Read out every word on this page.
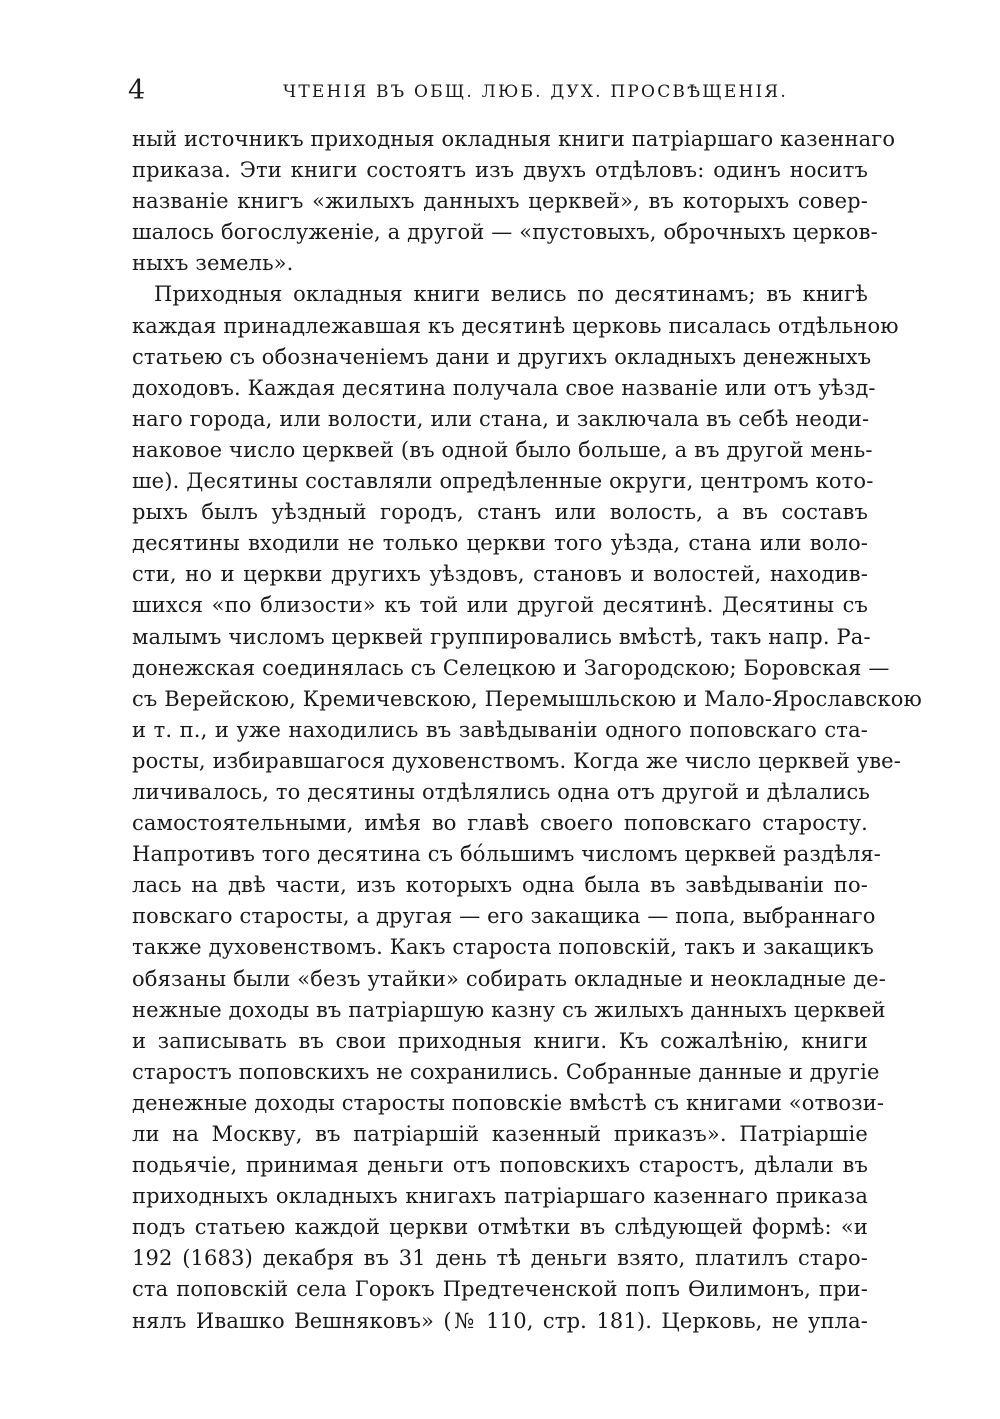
4	ЧТЕНІЯ ВЪ ОБЩ. ЛЮБ. ДУХ. ПРОСВѢЩЕНІЯ.
ный источникъ приходныя окладныя книги патріаршаго казеннаго
приказа. Эти книги состоятъ изъ двухъ отдѣловъ: одинъ носитъ
названіе книгъ «жилыхъ данныхъ церквей», въ которыхъ совер-
шалось богослуженіе, а другой — «пустовыхъ, оброчныхъ церков-
ныхъ земель».
Приходныя окладныя книги велись по десятинамъ; въ книгѣ
каждая принадлежавшая къ десятинѣ церковь писалась отдѣльною
статьею съ обозначеніемъ дани и другихъ окладныхъ денежныхъ
доходовъ. Каждая десятина получала свое названіе или отъ уѣзд-
наго города, или волости, или стана, и заключала въ себѣ неоди-
наковое число церквей (въ одной было больше, а въ другой мень-
ше). Десятины составляли опредѣленные округи, центромъ кото-
рыхъ былъ уѣздный городъ, станъ или волость, а въ составъ
десятины входили не только церкви того уѣзда, стана или воло-
сти, но и церкви другихъ уѣздовъ, становъ и волостей, находив-
шихся «по близости» къ той или другой десятинѣ. Десятины съ
малымъ числомъ церквей группировались вмѣстѣ, такъ напр. Ра-
донежская соединялась съ Селецкою и Загородскою; Боровская —
съ Верейскою, Кремичевскою, Перемышльскою и Мало-Ярославскою
и т. п., и уже находились въ завѣдываніи одного поповскаго ста-
росты, избиравшагося духовенствомъ. Когда же число церквей уве-
личивалось, то десятины отдѣлялись одна отъ другой и дѣлались
самостоятельными, имѣя во главѣ своего поповскаго старосту.
Напротивъ того десятина съ бо́льшимъ числомъ церквей раздѣля-
лась на двѣ части, изъ которыхъ одна была въ завѣдываніи по-
повскаго старосты, а другая — его закащика — попа, выбраннаго
также духовенствомъ. Какъ староста поповскій, такъ и закащикъ
обязаны были «безъ утайки» собирать окладные и неокладные де-
нежные доходы въ патріаршую казну съ жилыхъ данныхъ церквей
и записывать въ свои приходныя книги. Къ сожалѣнію, книги
старостъ поповскихъ не сохранились. Собранные данные и другіе
денежные доходы старосты поповскіе вмѣстѣ съ книгами «отвози-
ли на Москву, въ патріаршій казенный приказъ». Патріаршіе
подьячіе, принимая деньги отъ поповскихъ старостъ, дѣлали въ
приходныхъ окладныхъ книгахъ патріаршаго казеннаго приказа
подъ статьею каждой церкви отмѣтки въ слѣдующей формѣ: «и
192 (1683) декабря въ 31 день тѣ деньги взято, платилъ старо-
ста поповскій села Горокъ Предтеченской попъ Ѳилимонъ, при-
нялъ Ивашко Вешняковъ» (№ 110, стр. 181). Церковь, не упла-
